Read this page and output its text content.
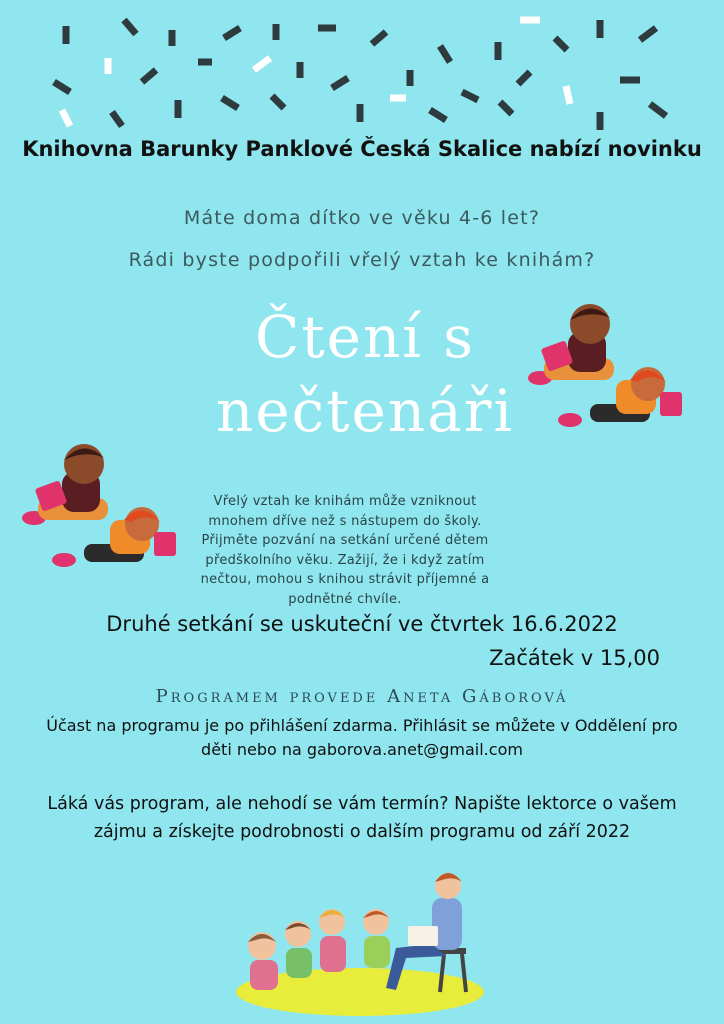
Knihovna Barunky Panklové Česká Skalice nabízí novinku
Máte doma dítko ve věku 4-6 let?
Rádi byste podpořili vřelý vztah ke knihám?
Čtení s
nečtenáři
Vřelý vztah ke knihám může vzniknout mnohem dříve než s nástupem do školy. Přijměte pozvání na setkání určené dětem předškolního věku. Zažijí, že i když zatím nečtou, mohou s knihou strávit příjemné a podnětné chvíle.
Druhé setkání se uskuteční ve čtvrtek 16.6.2022
Začátek v 15,00
Programem provede Aneta Gáborová
Účast na programu je po přihlášení zdarma. Přihlásit se můžete v Oddělení pro děti nebo na gaborova.anet@gmail.com
Láká vás program, ale nehodí se vám termín? Napište lektorce o vašem zájmu a získejte podrobnosti o dalším programu od září 2022
